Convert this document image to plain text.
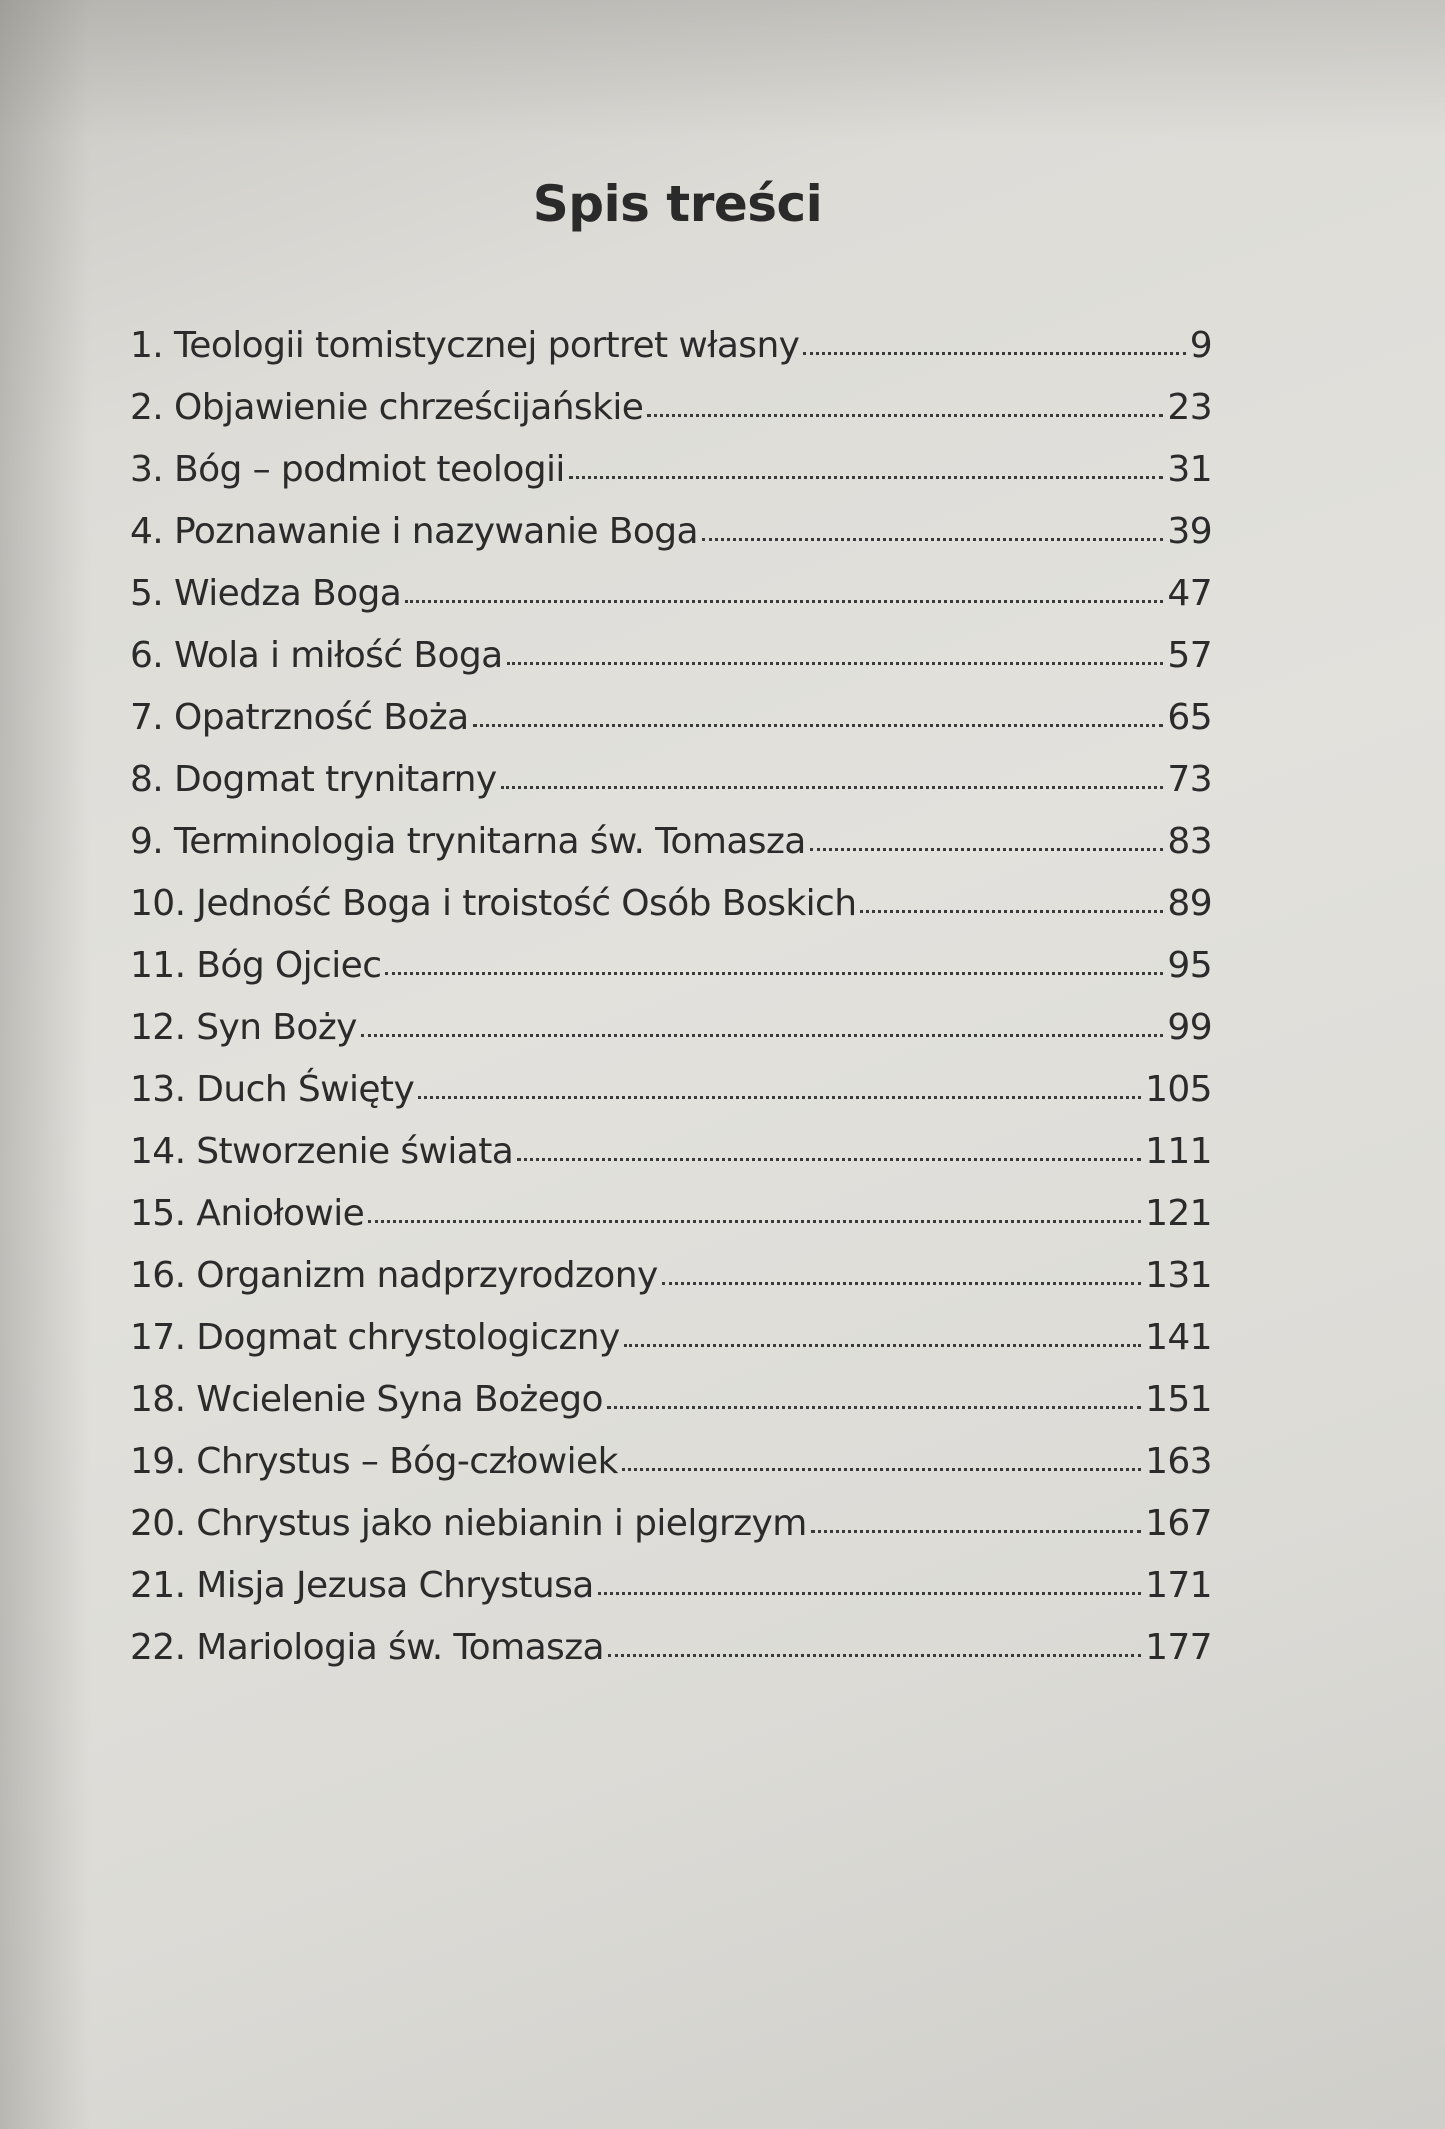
Spis treści
1. Teologii tomistycznej portret własny	9
2. Objawienie chrześcijańskie	23
3. Bóg – podmiot teologii	31
4. Poznawanie i nazywanie Boga	39
5. Wiedza Boga	47
6. Wola i miłość Boga	57
7. Opatrzność Boża	65
8. Dogmat trynitarny	73
9. Terminologia trynitarna św. Tomasza	83
10. Jedność Boga i troistość Osób Boskich	89
11. Bóg Ojciec	95
12. Syn Boży	99
13. Duch Święty	105
14. Stworzenie świata	111
15. Aniołowie	121
16. Organizm nadprzyrodzony	131
17. Dogmat chrystologiczny	141
18. Wcielenie Syna Bożego	151
19. Chrystus – Bóg-człowiek	163
20. Chrystus jako niebianin i pielgrzym	167
21. Misja Jezusa Chrystusa	171
22. Mariologia św. Tomasza	177
